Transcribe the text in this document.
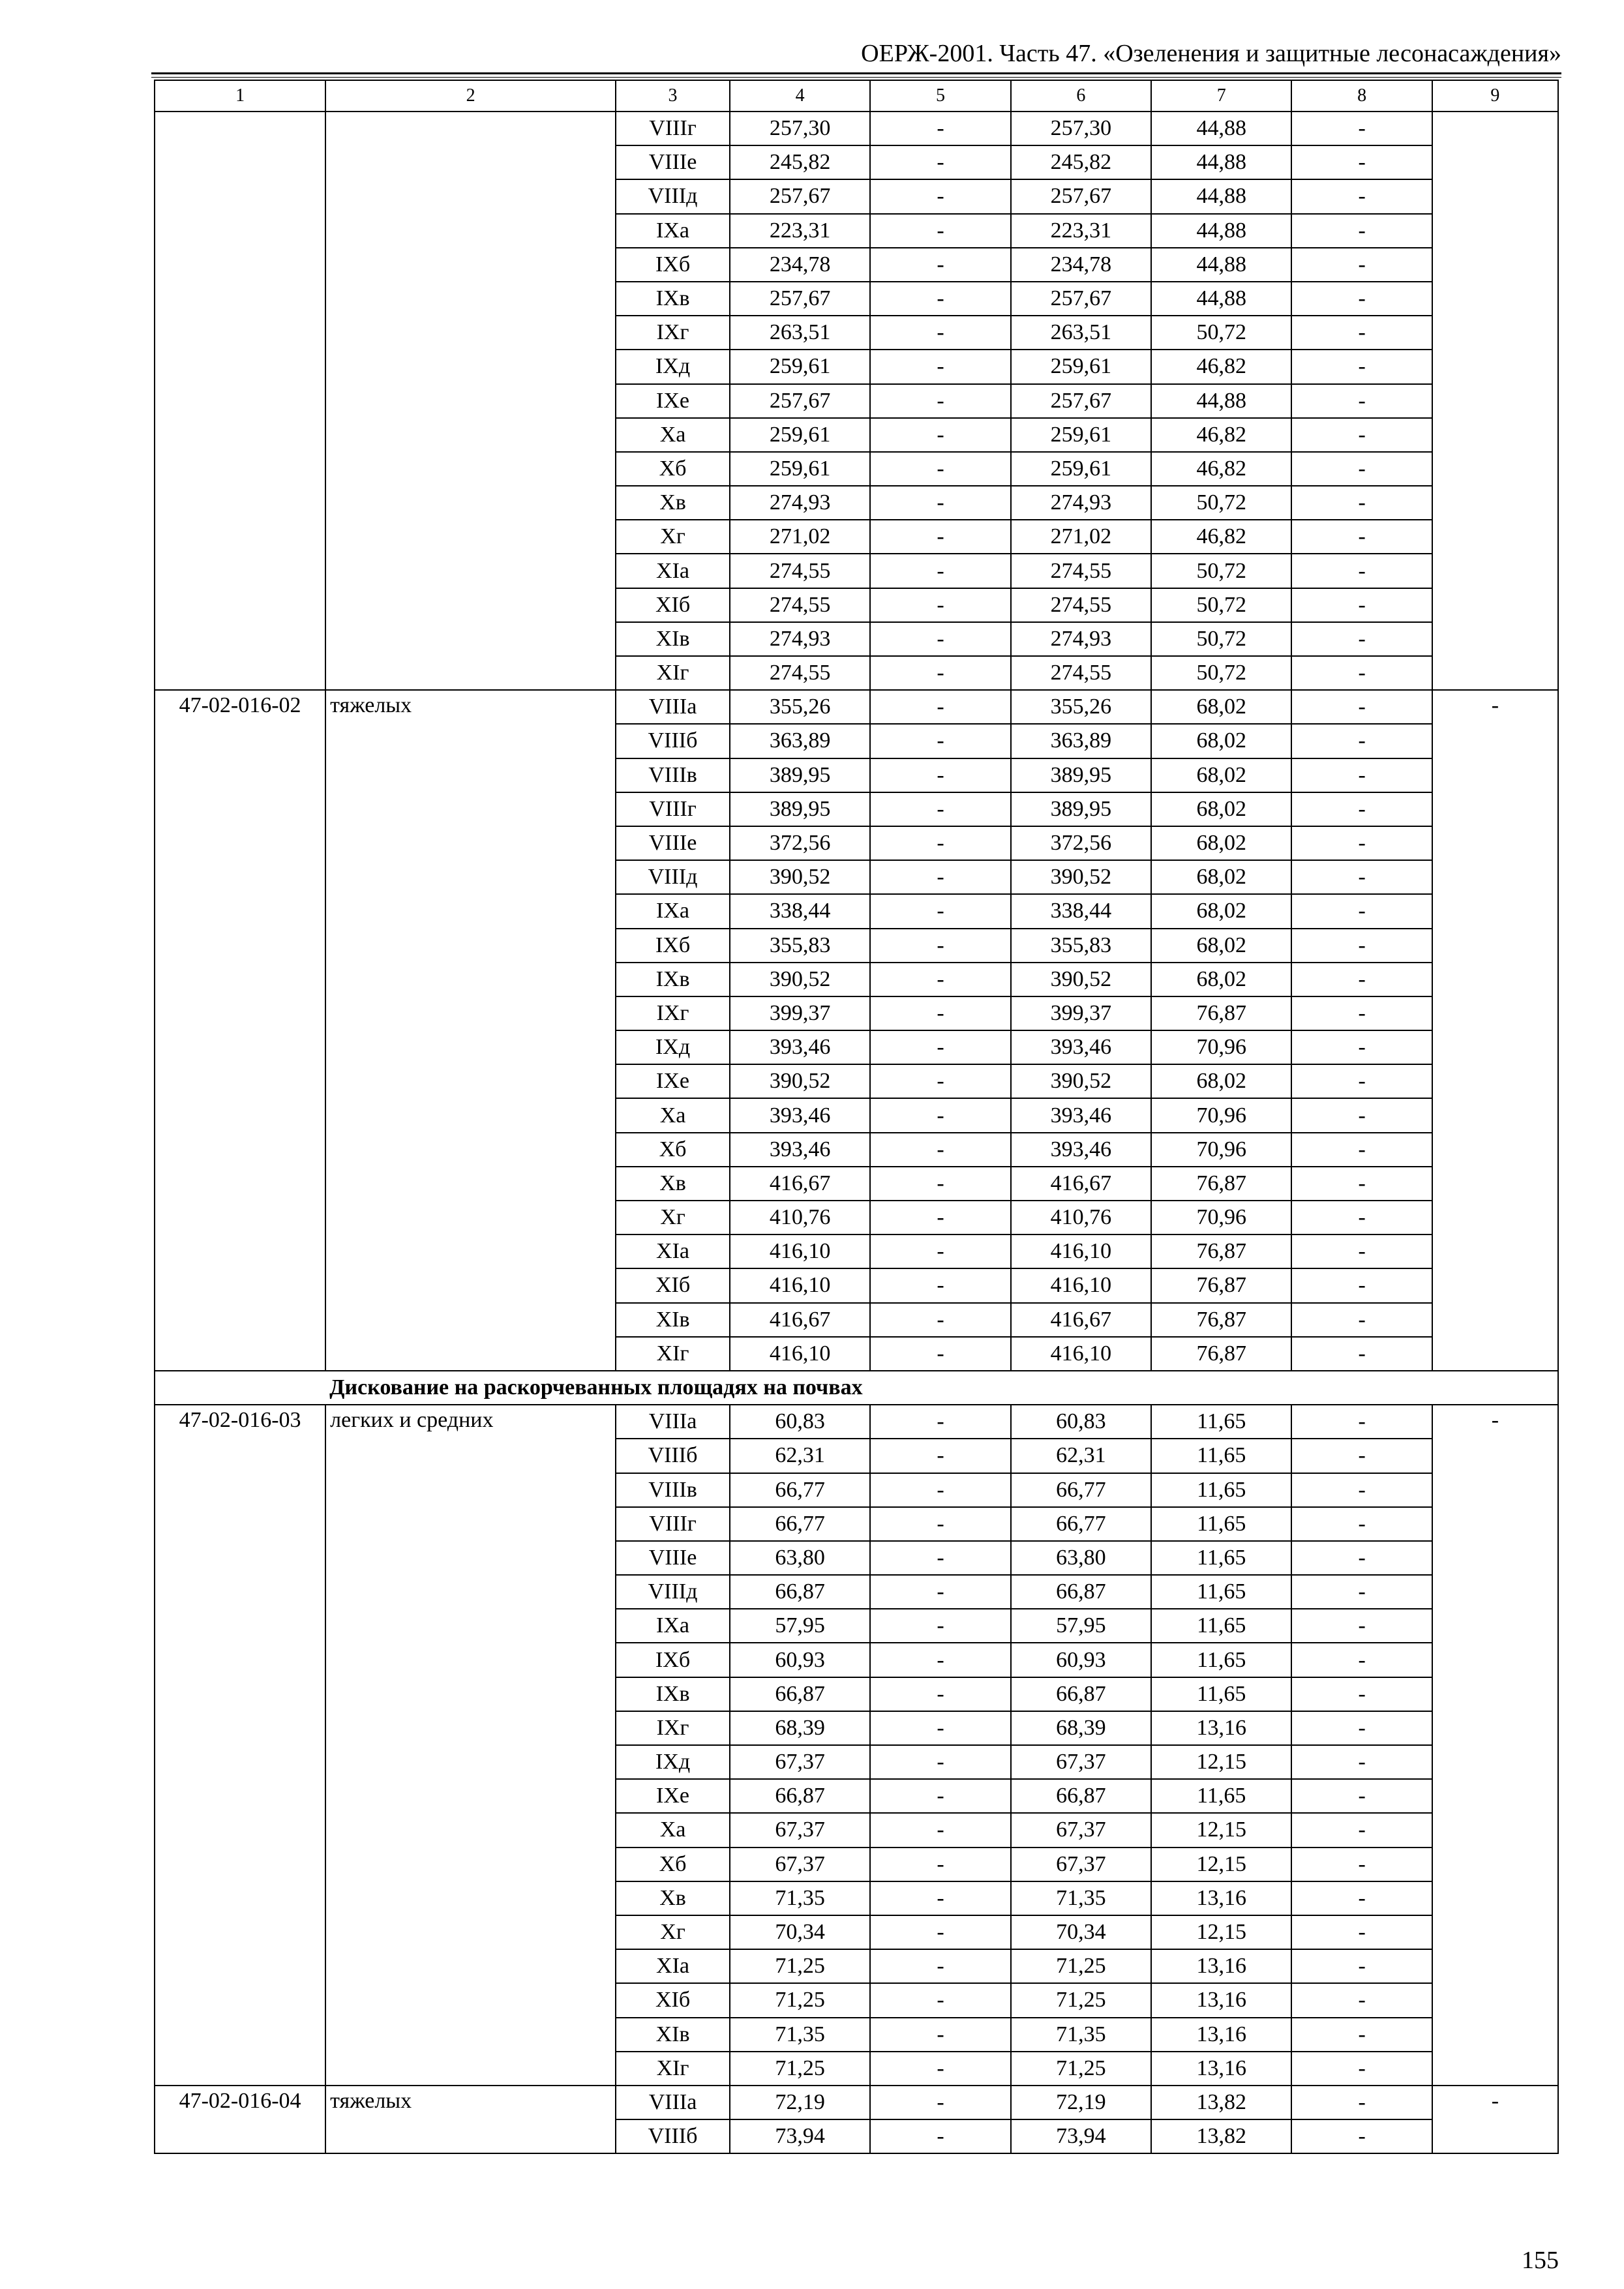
ОЕРЖ-2001. Часть 47. «Озеленения и защитные лесонасаждения»
1	2	3	4	5	6	7	8	9
		VIIIг	257,30	-	257,30	44,88	-	
		VIIIе	245,82	-	245,82	44,88	-	
		VIIIд	257,67	-	257,67	44,88	-	
		IXa	223,31	-	223,31	44,88	-	
		IXб	234,78	-	234,78	44,88	-	
		IXв	257,67	-	257,67	44,88	-	
		IXг	263,51	-	263,51	50,72	-	
		IXд	259,61	-	259,61	46,82	-	
		IXe	257,67	-	257,67	44,88	-	
		Xa	259,61	-	259,61	46,82	-	
		Xб	259,61	-	259,61	46,82	-	
		Xв	274,93	-	274,93	50,72	-	
		Xг	271,02	-	271,02	46,82	-	
		XIa	274,55	-	274,55	50,72	-	
		XIб	274,55	-	274,55	50,72	-	
		XIв	274,93	-	274,93	50,72	-	
		XIг	274,55	-	274,55	50,72	-	
47-02-016-02	тяжелых	VIIIa	355,26	-	355,26	68,02	-	-
		VIIIб	363,89	-	363,89	68,02	-	
		VIIIв	389,95	-	389,95	68,02	-	
		VIIIг	389,95	-	389,95	68,02	-	
		VIIIе	372,56	-	372,56	68,02	-	
		VIIIд	390,52	-	390,52	68,02	-	
		IXa	338,44	-	338,44	68,02	-	
		IXб	355,83	-	355,83	68,02	-	
		IXв	390,52	-	390,52	68,02	-	
		IXг	399,37	-	399,37	76,87	-	
		IXд	393,46	-	393,46	70,96	-	
		IXe	390,52	-	390,52	68,02	-	
		Xa	393,46	-	393,46	70,96	-	
		Xб	393,46	-	393,46	70,96	-	
		Xв	416,67	-	416,67	76,87	-	
		Xг	410,76	-	410,76	70,96	-	
		XIa	416,10	-	416,10	76,87	-	
		XIб	416,10	-	416,10	76,87	-	
		XIв	416,67	-	416,67	76,87	-	
		XIг	416,10	-	416,10	76,87	-	
	Дискование на раскорчеванных площадях на почвах							
47-02-016-03	легких и средних	VIIIa	60,83	-	60,83	11,65	-	-
		VIIIб	62,31	-	62,31	11,65	-	
		VIIIв	66,77	-	66,77	11,65	-	
		VIIIг	66,77	-	66,77	11,65	-	
		VIIIе	63,80	-	63,80	11,65	-	
		VIIIд	66,87	-	66,87	11,65	-	
		IXa	57,95	-	57,95	11,65	-	
		IXб	60,93	-	60,93	11,65	-	
		IXв	66,87	-	66,87	11,65	-	
		IXг	68,39	-	68,39	13,16	-	
		IXд	67,37	-	67,37	12,15	-	
		IXe	66,87	-	66,87	11,65	-	
		Xa	67,37	-	67,37	12,15	-	
		Xб	67,37	-	67,37	12,15	-	
		Xв	71,35	-	71,35	13,16	-	
		Xг	70,34	-	70,34	12,15	-	
		XIa	71,25	-	71,25	13,16	-	
		XIб	71,25	-	71,25	13,16	-	
		XIв	71,35	-	71,35	13,16	-	
		XIг	71,25	-	71,25	13,16	-	
47-02-016-04	тяжелых	VIIIa	72,19	-	72,19	13,82	-	-
		VIIIб	73,94	-	73,94	13,82	-	
155
